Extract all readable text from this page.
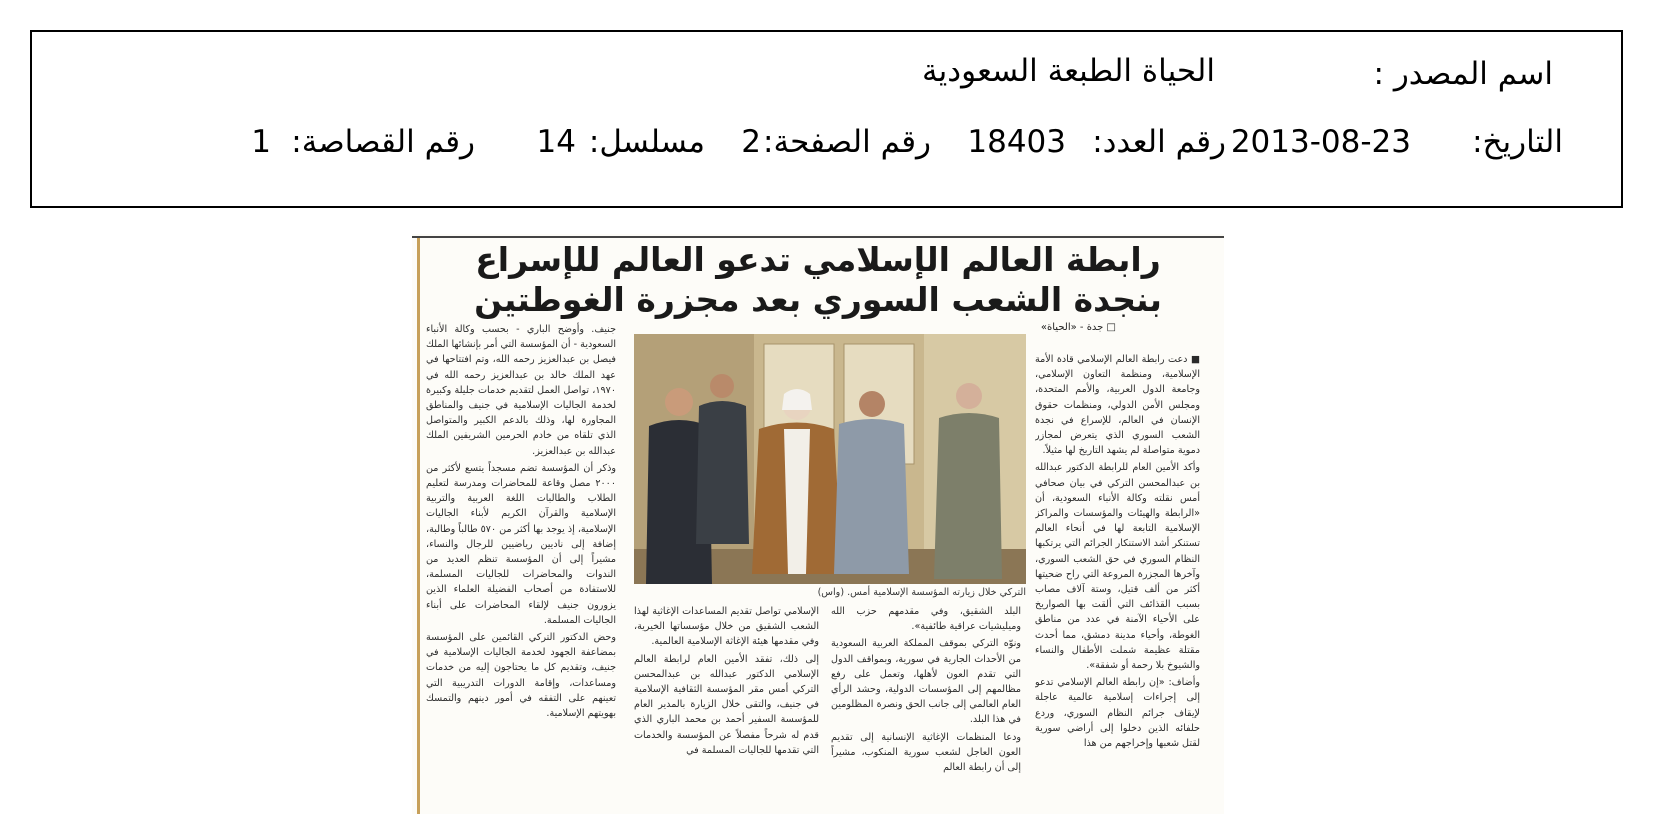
اسم المصدر :
الحياة الطبعة السعودية
التاريخ:
2013-08-23
رقم العدد:
18403
رقم الصفحة:
2
مسلسل:
14
رقم القصاصة:
1
رابطة العالم الإسلامي تدعو العالم للإسراع
بنجدة الشعب السوري بعد مجزرة الغوطتين
□ جدة - «الحياة»

■ دعت رابطة العالم الإسلامي قادة الأمة الإسلامية، ومنظمة التعاون الإسلامي، وجامعة الدول العربية، والأمم المتحدة، ومجلس الأمن الدولي، ومنظمات حقوق الإنسان في العالم، للإسراع في نجدة الشعب السوري الذي يتعرض لمجازر دموية متواصلة لم يشهد التاريخ لها مثيلاً.

وأكد الأمين العام للرابطة الدكتور عبدالله بن عبدالمحسن التركي في بيان صحافي أمس نقلته وكالة الأنباء السعودية، أن «الرابطة والهيئات والمؤسسات والمراكز الإسلامية التابعة لها في أنحاء العالم تستنكر أشد الاستنكار الجرائم التي يرتكبها النظام السوري في حق الشعب السوري، وآخرها المجزرة المروعة التي راح ضحيتها أكثر من ألف قتيل، وستة آلاف مصاب بسبب القذائف التي ألقت بها الصواريخ على الأحياء الآمنة في عدد من مناطق الغوطة، وأحياء مدينة دمشق، مما أحدث مقتلة عظيمة شملت الأطفال والنساء والشيوخ بلا رحمة أو شفقة».

وأضاف: «إن رابطة العالم الإسلامي تدعو إلى إجراءات إسلامية عالمية عاجلة لإيقاف جرائم النظام السوري، وردع حلفائه الذين دخلوا إلى أراضي سورية لقتل شعبها وإخراجهم من هذا

التركي خلال زيارته المؤسسة الإسلامية أمس. (واس)

البلد الشقيق، وفي مقدمهم حزب الله وميليشيات عراقية طائفية».

ونوّه التركي بموقف المملكة العربية السعودية من الأحداث الجارية في سورية، وبمواقف الدول التي تقدم العون لأهلها، وتعمل على رفع مظالمهم إلى المؤسسات الدولية، وحشد الرأي العام العالمي إلى جانب الحق ونصرة المظلومين في هذا البلد.

ودعا المنظمات الإغاثية الإنسانية إلى تقديم العون العاجل لشعب سورية المنكوب، مشيراً إلى أن رابطة العالم

الإسلامي تواصل تقديم المساعدات الإغاثية لهذا الشعب الشقيق من خلال مؤسساتها الخيرية، وفي مقدمها هيئة الإغاثة الإسلامية العالمية.

إلى ذلك، تفقد الأمين العام لرابطة العالم الإسلامي الدكتور عبدالله بن عبدالمحسن التركي أمس مقر المؤسسة الثقافية الإسلامية في جنيف، والتقى خلال الزيارة بالمدير العام للمؤسسة السفير أحمد بن محمد الباري الذي قدم له شرحاً مفصلاً عن المؤسسة والخدمات التي تقدمها للجاليات المسلمة في

جنيف. وأوضح الباري - بحسب وكالة الأنباء السعودية - أن المؤسسة التي أمر بإنشائها الملك فيصل بن عبدالعزيز رحمه الله، وتم افتتاحها في عهد الملك خالد بن عبدالعزيز رحمه الله في ١٩٧٠، تواصل العمل لتقديم خدمات جليلة وكبيرة لخدمة الجاليات الإسلامية في جنيف والمناطق المجاورة لها، وذلك بالدعم الكبير والمتواصل الذي تلقاه من خادم الحرمين الشريفين الملك عبدالله بن عبدالعزيز.

وذكر أن المؤسسة تضم مسجداً يتسع لأكثر من ٢٠٠٠ مصل وقاعة للمحاضرات ومدرسة لتعليم الطلاب والطالبات اللغة العربية والتربية الإسلامية والقرآن الكريم لأبناء الجاليات الإسلامية، إذ يوجد بها أكثر من ٥٧٠ طالباً وطالبة، إضافة إلى ناديين رياضيين للرجال والنساء، مشيراً إلى أن المؤسسة تنظم العديد من الندوات والمحاضرات للجاليات المسلمة، للاستفادة من أصحاب الفضيلة العلماء الذين يزورون جنيف لإلقاء المحاضرات على أبناء الجاليات المسلمة.

وحض الدكتور التركي القائمين على المؤسسة بمضاعفة الجهود لخدمة الجاليات الإسلامية في جنيف، وتقديم كل ما يحتاجون إليه من خدمات ومساعدات، وإقامة الدورات التدريبية التي تعينهم على التفقه في أمور دينهم والتمسك بهويتهم الإسلامية.
